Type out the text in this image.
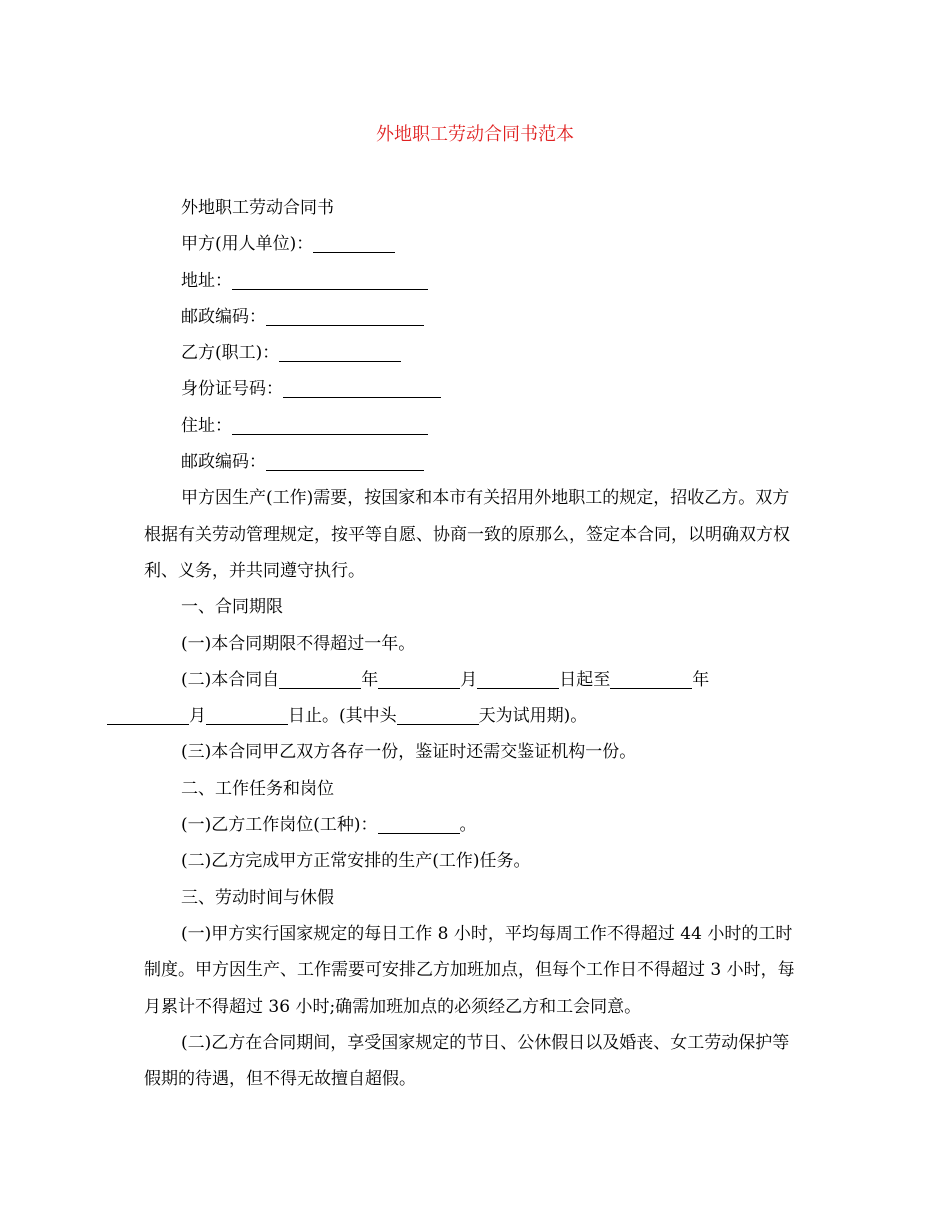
外地职工劳动合同书范本
外地职工劳动合同书
甲方(用人单位)：
地址：
邮政编码：
乙方(职工)：
身份证号码：
住址：
邮政编码：

甲方因生产(工作)需要，按国家和本市有关招用外地职工的规定，招收乙方。双方根据有关劳动管理规定，按平等自愿、协商一致的原那么，签定本合同，以明确双方权利、义务，并共同遵守执行。

一、合同期限

(一)本合同期限不得超过一年。

(二)本合同自	年	月	日起至	年
月	日止。(其中头	天为试用期)。

(三)本合同甲乙双方各存一份，鉴证时还需交鉴证机构一份。

二、工作任务和岗位

(一)乙方工作岗位(工种)：	。

(二)乙方完成甲方正常安排的生产(工作)任务。

三、劳动时间与休假

(一)甲方实行国家规定的每日工作 8 小时，平均每周工作不得超过 44 小时的工时制度。甲方因生产、工作需要可安排乙方加班加点，但每个工作日不得超过 3 小时，每月累计不得超过 36 小时;确需加班加点的必须经乙方和工会同意。

(二)乙方在合同期间，享受国家规定的节日、公休假日以及婚丧、女工劳动保护等假期的待遇，但不得无故擅自超假。
